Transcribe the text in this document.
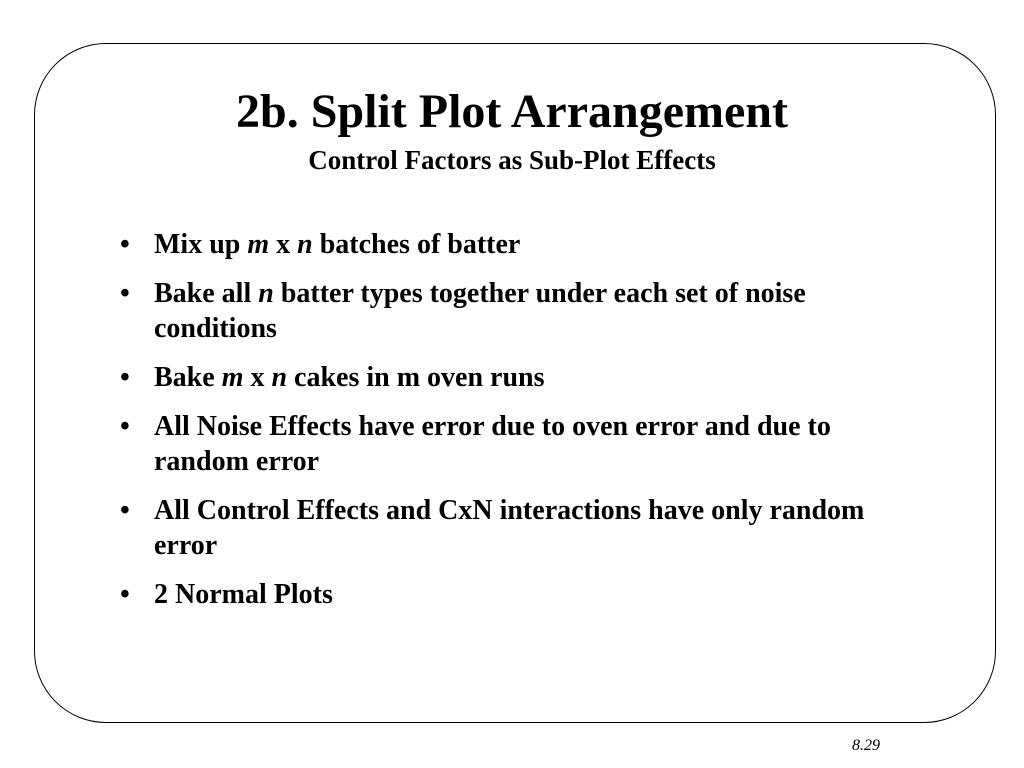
2b. Split Plot Arrangement
Control Factors as Sub-Plot Effects
• Mix up m x n batches of batter
• Bake all n batter types together under each set of noise conditions
• Bake m x n cakes in m oven runs
• All Noise Effects have error due to oven error and due to random error
• All Control Effects and CxN interactions have only random error
• 2 Normal Plots
8.29
